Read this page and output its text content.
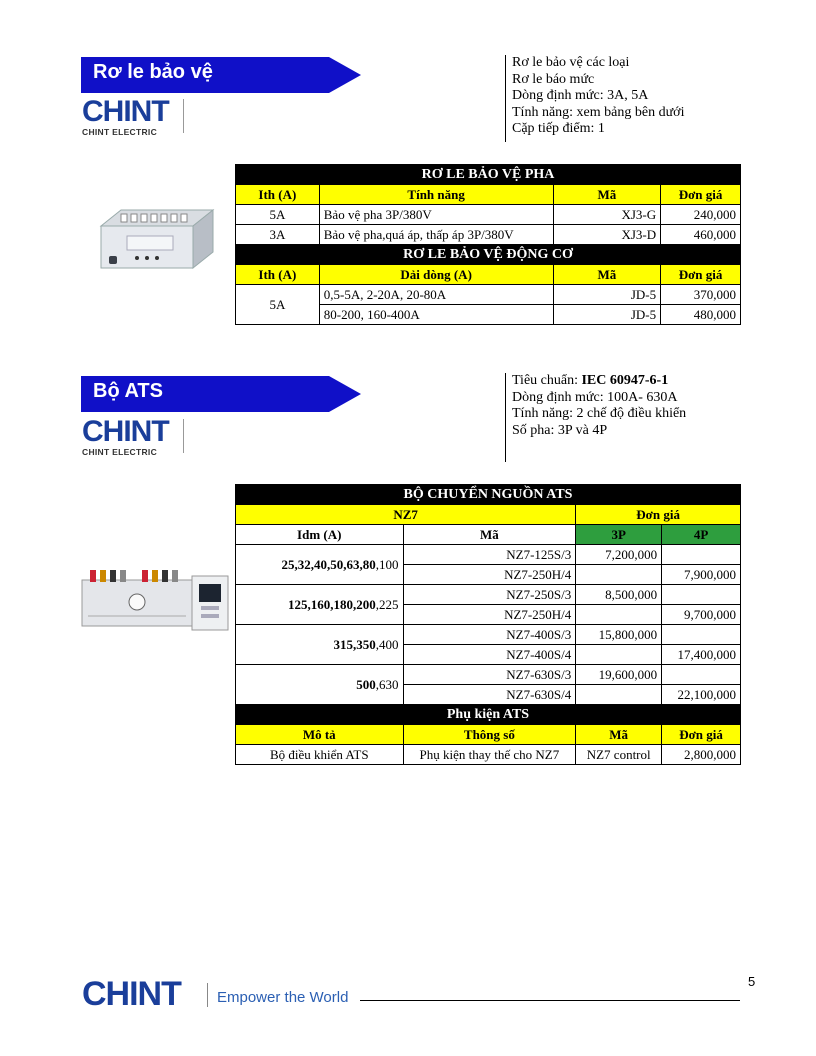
Rơ le bảo vệ
CHINT
CHINT ELECTRIC
Rơ le bảo vệ các loại
Rơ le báo mức
Dòng định mức: 3A, 5A
Tính năng: xem bảng bên dưới
Cặp tiếp điểm: 1
RƠ LE BẢO VỆ PHA			
Ith (A)	Tính năng	Mã	Đơn giá
5A	Bảo vệ pha 3P/380V	XJ3-G	240,000
3A	Bảo vệ pha,quá áp, thấp áp 3P/380V	XJ3-D	460,000
RƠ LE BẢO VỆ ĐỘNG CƠ			
Ith (A)	Dải dòng (A)	Mã	Đơn giá
5A	0,5-5A, 2-20A, 20-80A	JD-5	370,000
	80-200, 160-400A	JD-5	480,000
Bộ ATS
CHINT
CHINT ELECTRIC
Tiêu chuẩn: IEC 60947-6-1
Dòng định mức: 100A- 630A
Tính năng: 2 chế độ điều khiển
Số pha: 3P và 4P
BỘ CHUYỂN NGUỒN ATS			
NZ7		Đơn giá	
Idm (A)	Mã	3P	4P
25,32,40,50,63,80,100	NZ7-125S/3	7,200,000	
	NZ7-250H/4		7,900,000
125,160,180,200,225	NZ7-250S/3	8,500,000	
	NZ7-250H/4		9,700,000
315,350,400	NZ7-400S/3	15,800,000	
	NZ7-400S/4		17,400,000
500,630	NZ7-630S/3	19,600,000	
	NZ7-630S/4		22,100,000
Phụ kiện ATS			
Mô tả	Thông số	Mã	Đơn giá
Bộ điều khiển ATS	Phụ kiện thay thế cho NZ7	NZ7 control	2,800,000
CHINT Empower the World
5
